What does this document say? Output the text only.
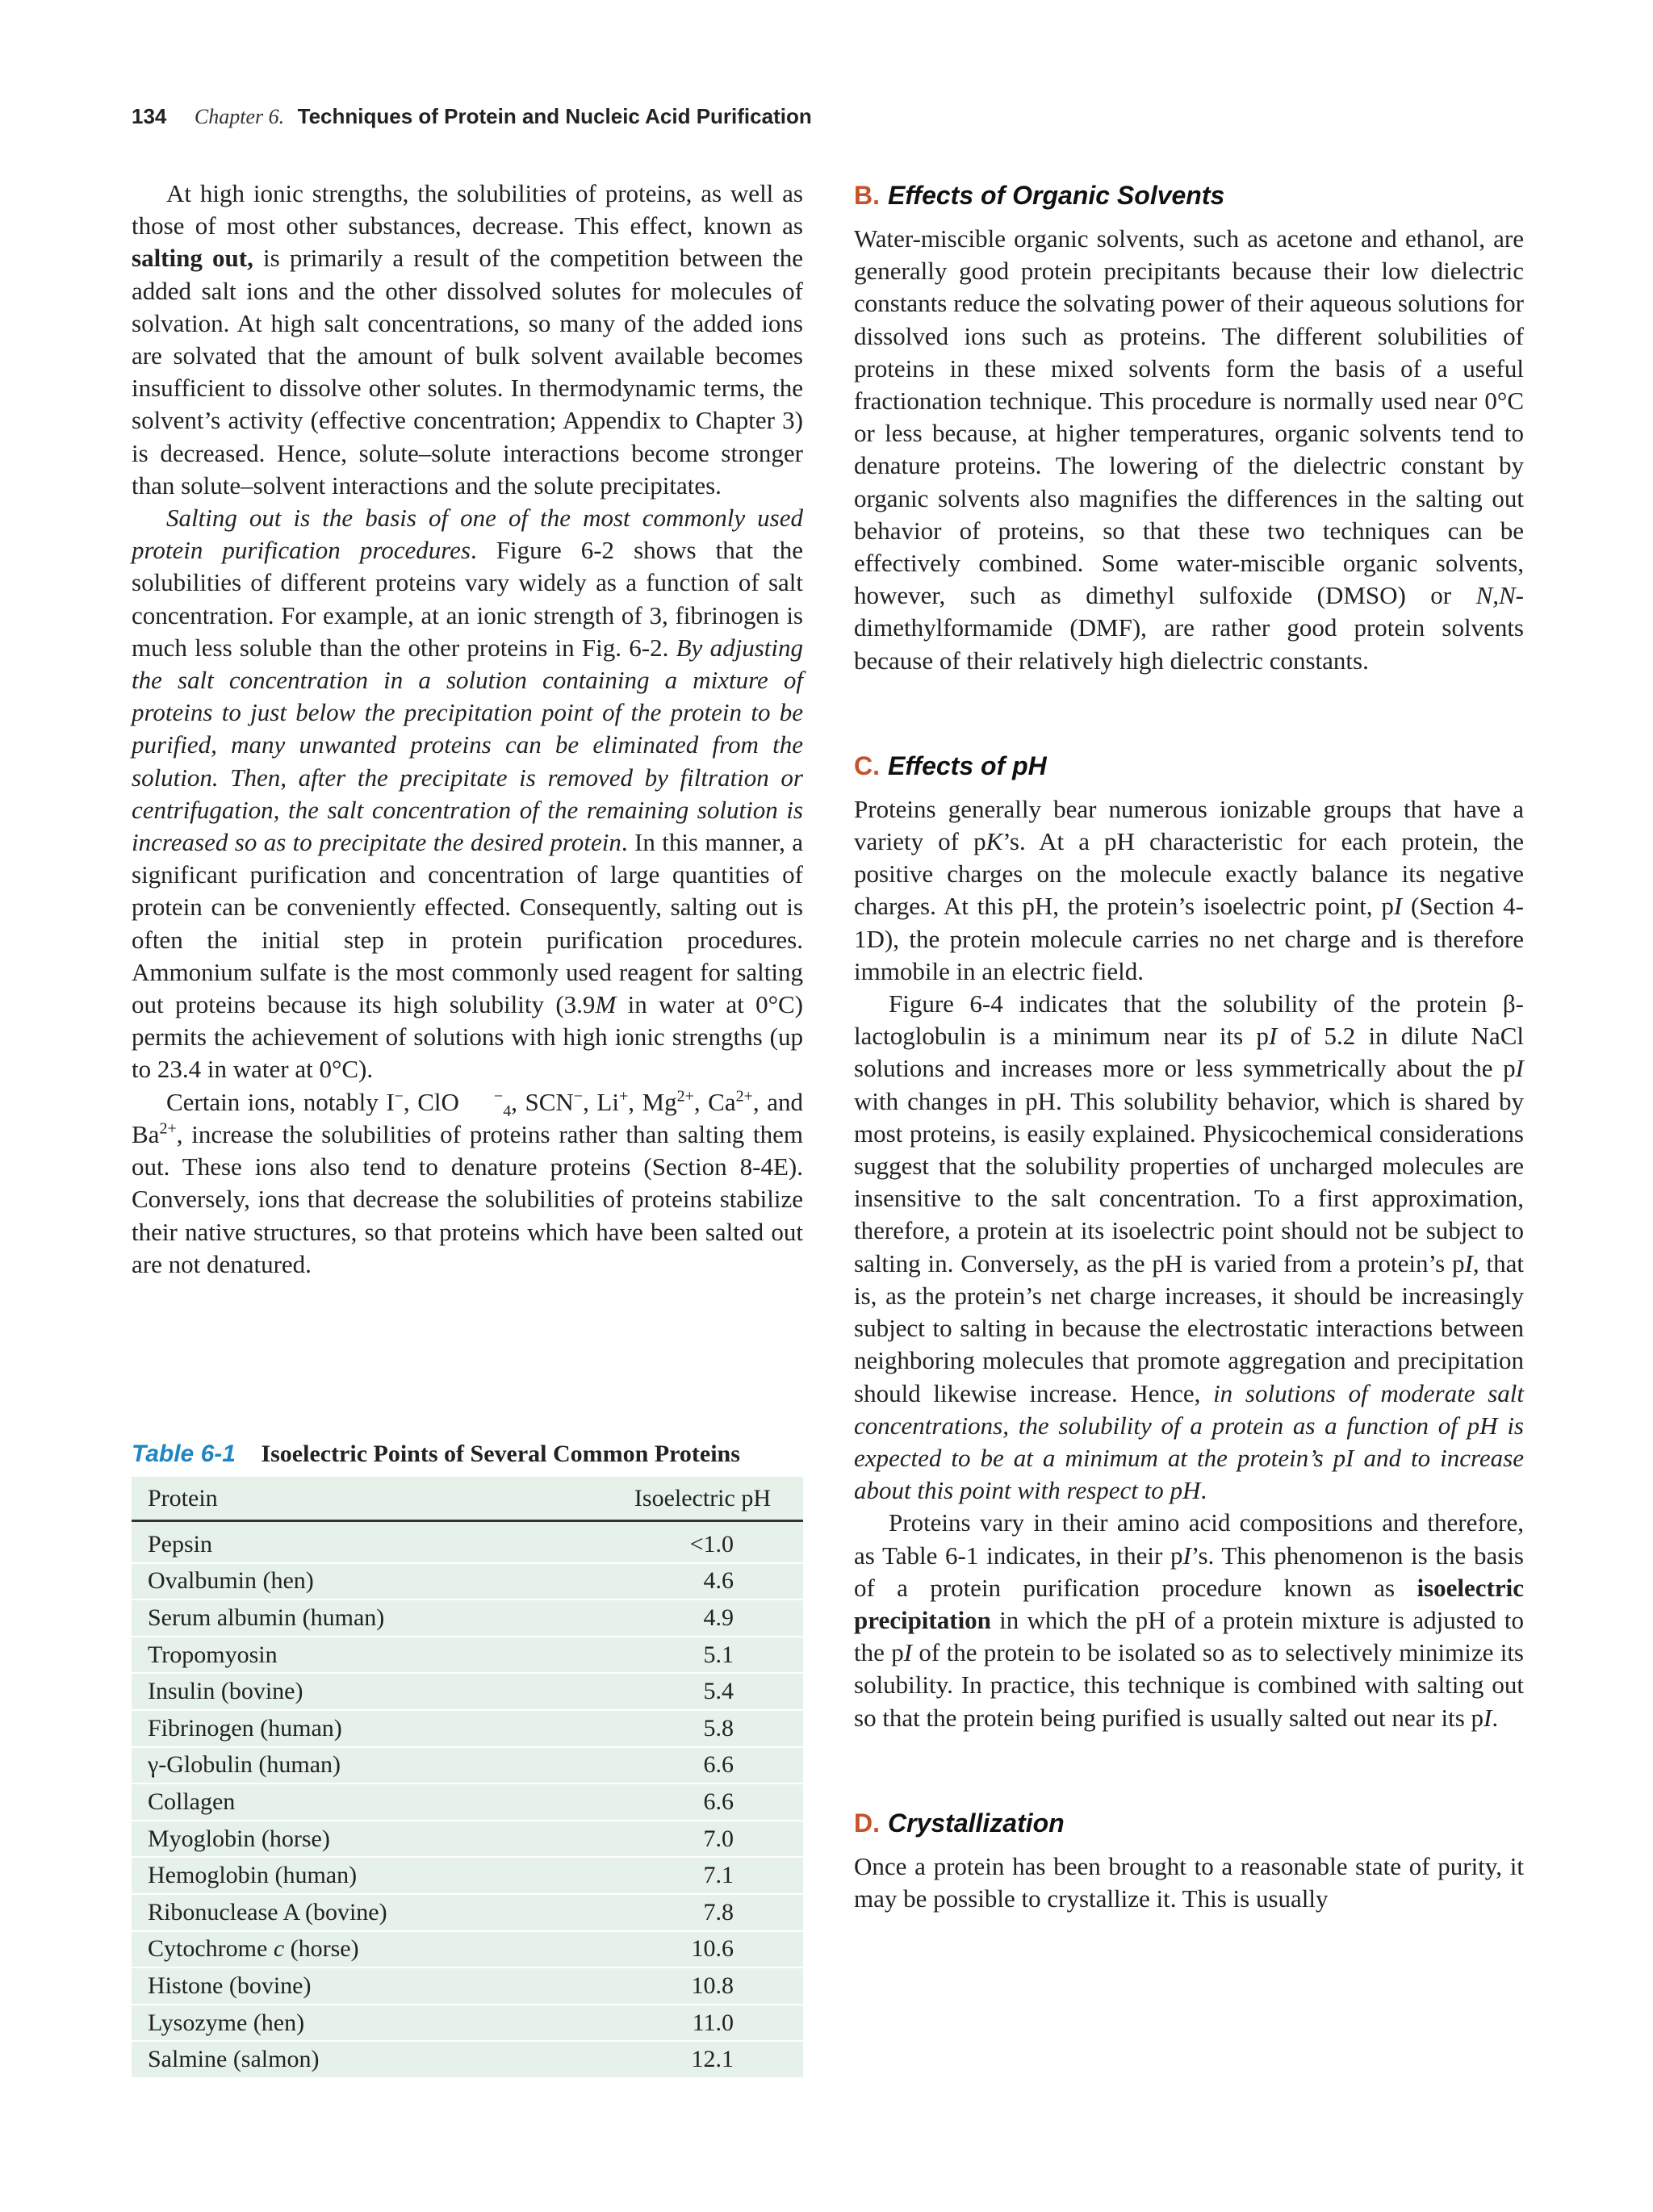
134 Chapter 6. Techniques of Protein and Nucleic Acid Purification

At high ionic strengths, the solubilities of proteins, as well as those of most other substances, decrease. This effect, known as salting out, is primarily a result of the competition between the added salt ions and the other dissolved solutes for molecules of solvation. At high salt concentrations, so many of the added ions are solvated that the amount of bulk solvent available becomes insufficient to dissolve other solutes. In thermodynamic terms, the solvent’s activity (effective concentration; Appendix to Chapter 3) is decreased. Hence, solute–solute interactions become stronger than solute–solvent interactions and the solute precipitates.

Salting out is the basis of one of the most commonly used protein purification procedures. Figure 6-2 shows that the solubilities of different proteins vary widely as a function of salt concentration. For example, at an ionic strength of 3, fibrinogen is much less soluble than the other proteins in Fig. 6-2. By adjusting the salt concentration in a solution containing a mixture of proteins to just below the precipitation point of the protein to be purified, many unwanted proteins can be eliminated from the solution. Then, after the precipitate is removed by filtration or centrifugation, the salt concentration of the remaining solution is increased so as to precipitate the desired protein. In this manner, a significant purification and concentration of large quantities of protein can be conveniently effected. Consequently, salting out is often the initial step in protein purification procedures. Ammonium sulfate is the most commonly used reagent for salting out proteins because its high solubility (3.9M in water at 0°C) permits the achievement of solutions with high ionic strengths (up to 23.4 in water at 0°C).

Certain ions, notably I−, ClO −$_4$, SCN−, Li+, $Mg^{2+}$, $Ca^{2+}$, and $Ba^{2+}$, increase the solubilities of proteins rather than salting them out. These ions also tend to denature proteins (Section 8-4E). Conversely, ions that decrease the solubilities of proteins stabilize their native structures, so that proteins which have been salted out are not denatured.

Table 6-1 Isoelectric Points of Several Common Proteins
Protein	Isoelectric pH
Pepsin	<1.0
Ovalbumin (hen)	4.6
Serum albumin (human)	4.9
Tropomyosin	5.1
Insulin (bovine)	5.4
Fibrinogen (human)	5.8
γ-Globulin (human)	6.6
Collagen	6.6
Myoglobin (horse)	7.0
Hemoglobin (human)	7.1
Ribonuclease A (bovine)	7.8
Cytochrome c (horse)	10.6
Histone (bovine)	10.8
Lysozyme (hen)	11.0
Salmine (salmon)	12.1
B. Effects of Organic Solvents

Water-miscible organic solvents, such as acetone and ethanol, are generally good protein precipitants because their low dielectric constants reduce the solvating power of their aqueous solutions for dissolved ions such as proteins. The different solubilities of proteins in these mixed solvents form the basis of a useful fractionation technique. This procedure is normally used near 0°C or less because, at higher temperatures, organic solvents tend to denature proteins. The lowering of the dielectric constant by organic solvents also magnifies the differences in the salting out behavior of proteins, so that these two techniques can be effectively combined. Some water-miscible organic solvents, however, such as dimethyl sulfoxide (DMSO) or N,N-dimethylformamide (DMF), are rather good protein solvents because of their relatively high dielectric constants.

C. Effects of pH

Proteins generally bear numerous ionizable groups that have a variety of pK’s. At a pH characteristic for each protein, the positive charges on the molecule exactly balance its negative charges. At this pH, the protein’s isoelectric point, pI (Section 4-1D), the protein molecule carries no net charge and is therefore immobile in an electric field.

Figure 6-4 indicates that the solubility of the protein β-lactoglobulin is a minimum near its pI of 5.2 in dilute NaCl solutions and increases more or less symmetrically about the pI with changes in pH. This solubility behavior, which is shared by most proteins, is easily explained. Physicochemical considerations suggest that the solubility properties of uncharged molecules are insensitive to the salt concentration. To a first approximation, therefore, a protein at its isoelectric point should not be subject to salting in. Conversely, as the pH is varied from a protein’s pI, that is, as the protein’s net charge increases, it should be increasingly subject to salting in because the electrostatic interactions between neighboring molecules that promote aggregation and precipitation should likewise increase. Hence, in solutions of moderate salt concentrations, the solubility of a protein as a function of pH is expected to be at a minimum at the protein’s pI and to increase about this point with respect to pH.

Proteins vary in their amino acid compositions and therefore, as Table 6-1 indicates, in their pI’s. This phenomenon is the basis of a protein purification procedure known as isoelectric precipitation in which the pH of a protein mixture is adjusted to the pI of the protein to be isolated so as to selectively minimize its solubility. In practice, this technique is combined with salting out so that the protein being purified is usually salted out near its pI.

D. Crystallization

Once a protein has been brought to a reasonable state of purity, it may be possible to crystallize it. This is usually
